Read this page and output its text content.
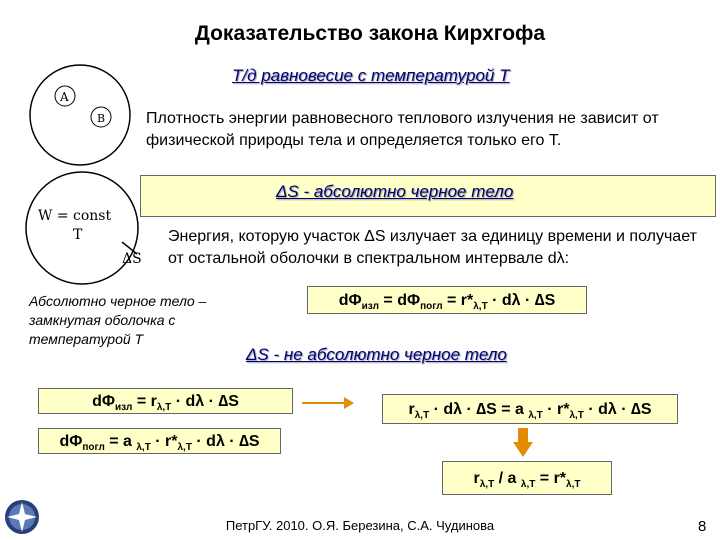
Доказательство закона Кирхгофа
Т/д равновесие с температурой Т
A
B	Плотность энергии равновесного теплового излучения не зависит от физической природы тела и определяется только его Т.
W = const
T
ΔS
ΔS - абсолютно черное тело
Энергия, которую участок ΔS излучает за единицу времени и получает от остальной оболочки в спектральном интервале dλ:
Абсолютно черное тело – замкнутая оболочка с температурой Т
$d\Phi_{изл} = d\Phi_{погл} = r*_{\lambda,T} \cdot d\lambda \cdot \Delta S$
ΔS - не абсолютно черное тело
$d\Phi_{изл} = r_{\lambda,T} \cdot d\lambda \cdot \Delta S$	$r_{\lambda,T} \cdot d\lambda \cdot \Delta S = a$ $_{\lambda,T} \cdot r*_{\lambda,T} \cdot d\lambda \cdot \Delta S$
$d\Phi_{погл} = a$ $_{\lambda,T} \cdot r*_{\lambda,T} \cdot d\lambda \cdot \Delta S$
$r_{\lambda,T}$ / a $_{\lambda,T} = r*_{\lambda,T}$
ПетрГУ. 2010. О.Я. Березина, С.А. Чудинова	8
